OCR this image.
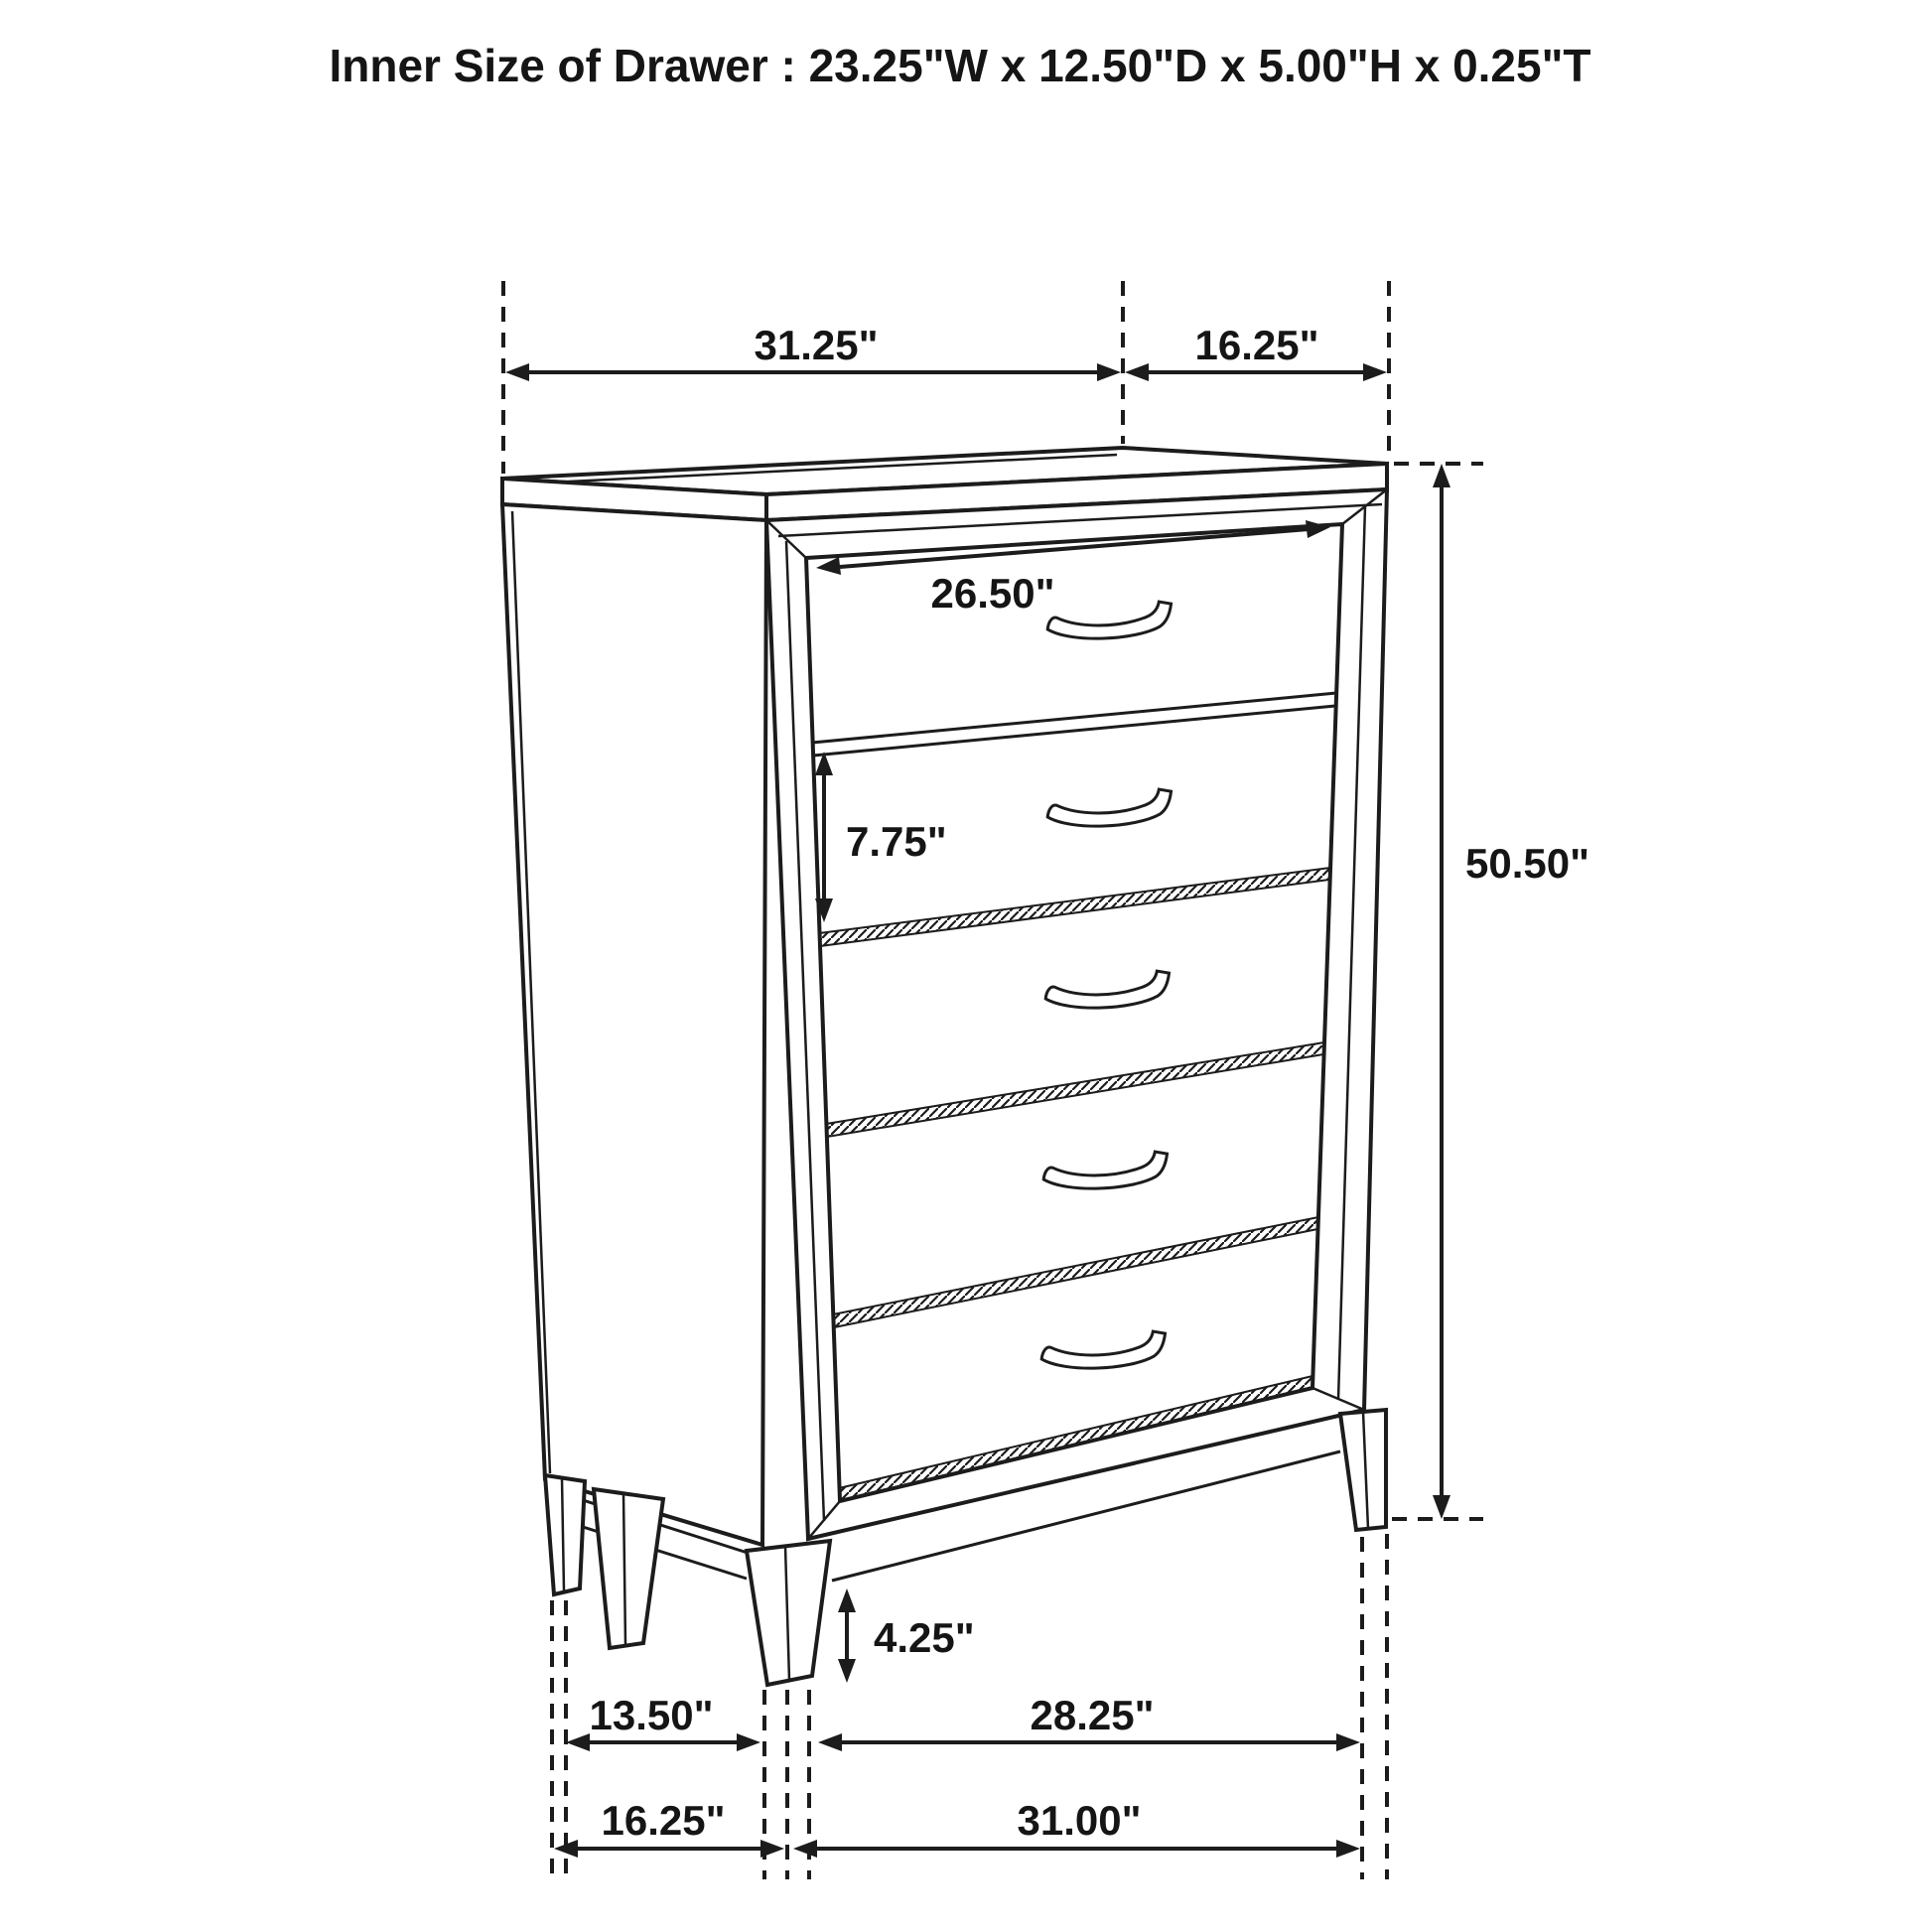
31.25"	16.25"
26.50"
7.75"	50.50"
4.25"
13.50"	28.25"
16.25"	31.00"
Inner Size of Drawer : 23.25"W x 12.50"D x 5.00"H x 0.25"T
